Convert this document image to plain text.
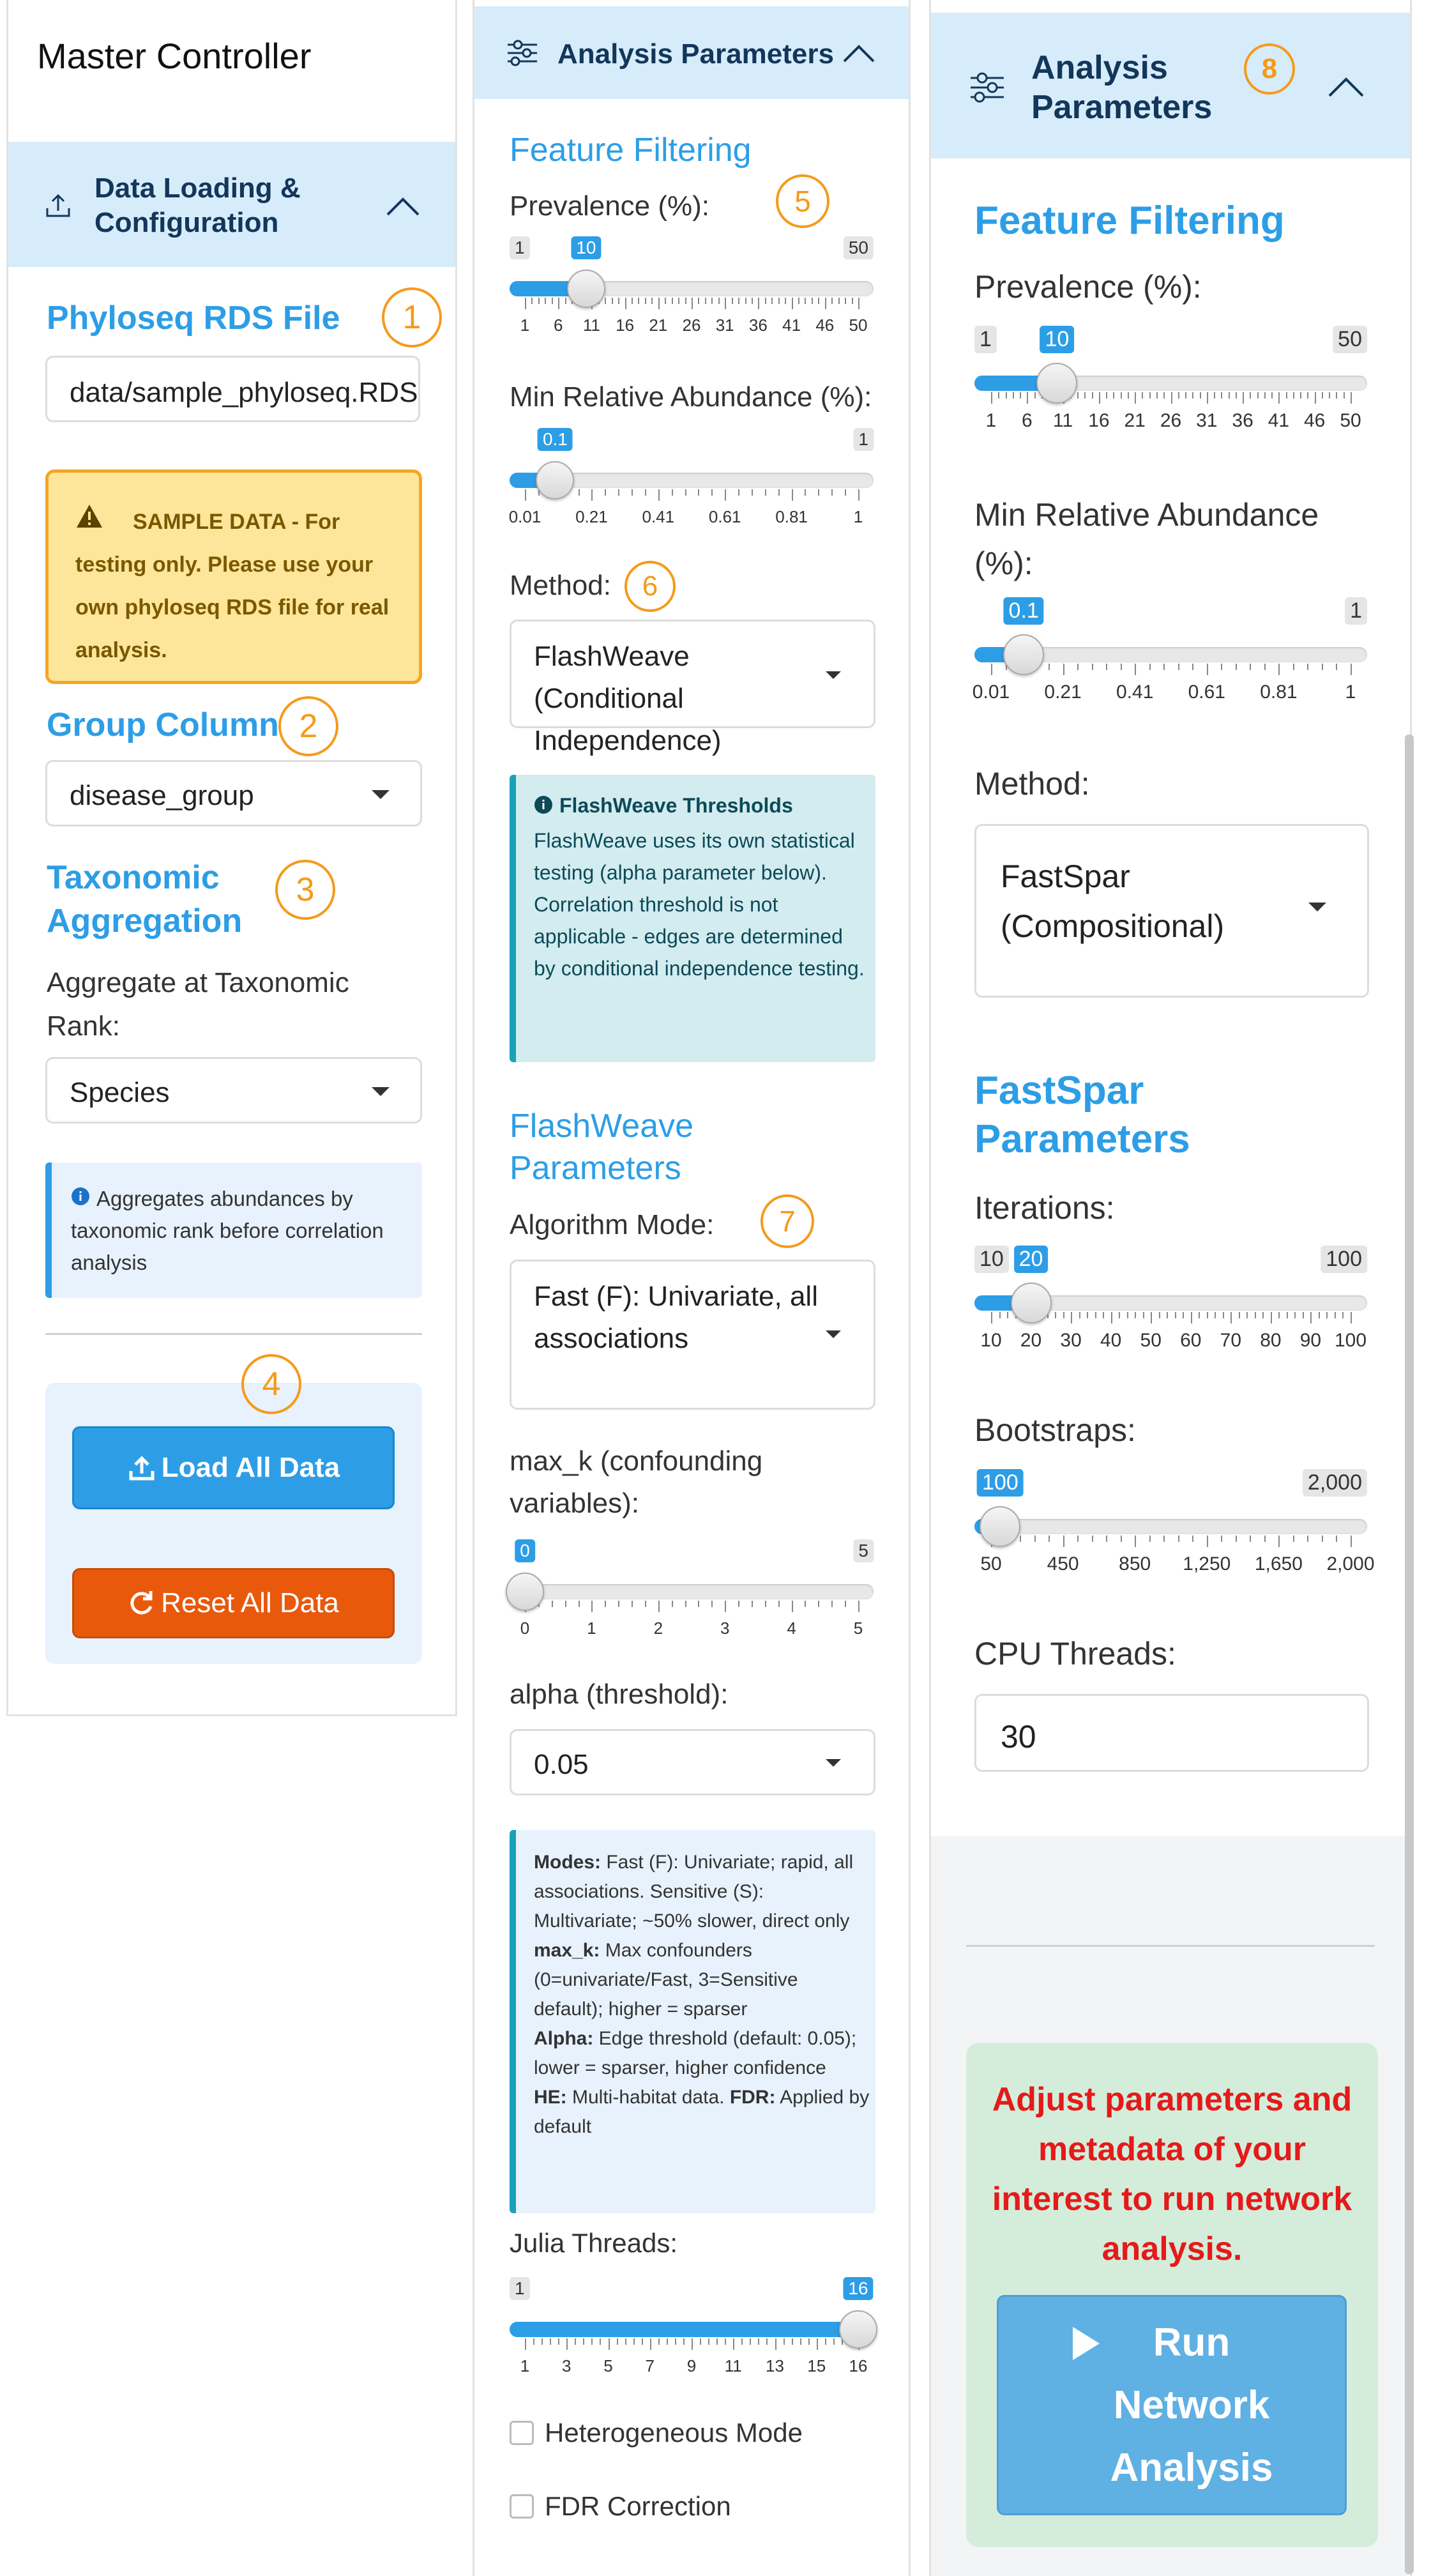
Master Controller
Data Loading &
Configuration
Phyloseq RDS File	1
data/sample_phyloseq.RDS
SAMPLE DATA - For testing only. Please use your own phyloseq RDS file for real analysis.
Group Column 2
disease_group
Taxonomic
Aggregation
3
Aggregate at Taxonomic Rank:
Species
Aggregates abundances by taxonomic rank before correlation analysis
4
Load All Data
Reset All Data
Analysis Parameters
Feature Filtering
Prevalence (%):	5
Min Relative Abundance (%):
Method:	6
FlashWeave (Conditional Independence)
FlashWeave Thresholds
FlashWeave uses its own statistical testing (alpha parameter below). Correlation threshold is not applicable - edges are determined by conditional independence testing.
FlashWeave
Parameters
Algorithm Mode:	7
Fast (F): Univariate, all associations
max_k (confounding variables):
alpha (threshold):
0.05
Modes: Fast (F): Univariate; rapid, all associations. Sensitive (S): Multivariate; ~50% slower, direct only
max_k: Max confounders (0=univariate/Fast, 3=Sensitive default); higher = sparser
Alpha: Edge threshold (default: 0.05); lower = sparser, higher confidence
HE: Multi-habitat data. FDR: Applied by default
Julia Threads:
Heterogeneous Mode
FDR Correction
1 6 11 16 21 26 31 36 41 46 50
1	50
10
0.01 0.21 0.41 0.61 0.81	1
1
0.1
0	1	2	3	4	5
5
0
1 3 5 7 9 11 13 15 16
1	16
Analysis
Parameters
8
Feature Filtering
Prevalence (%):
Min Relative Abundance
(%):
Method:
FastSpar
(Compositional)
FastSpar
Parameters
Iterations:
Bootstraps:
CPU Threads:
30
Adjust parameters and metadata of your interest to run network analysis.
Run
Network
Analysis
1 6 11 16 21 26 31 36 41 46 50
1	50
10
0.01 0.21 0.41 0.61 0.81	1
1
0.1
10 20 30 40 50 60 70 80 90 100
10	100
20
50 450 850 1,250 1,650 2,000
2,000
100
